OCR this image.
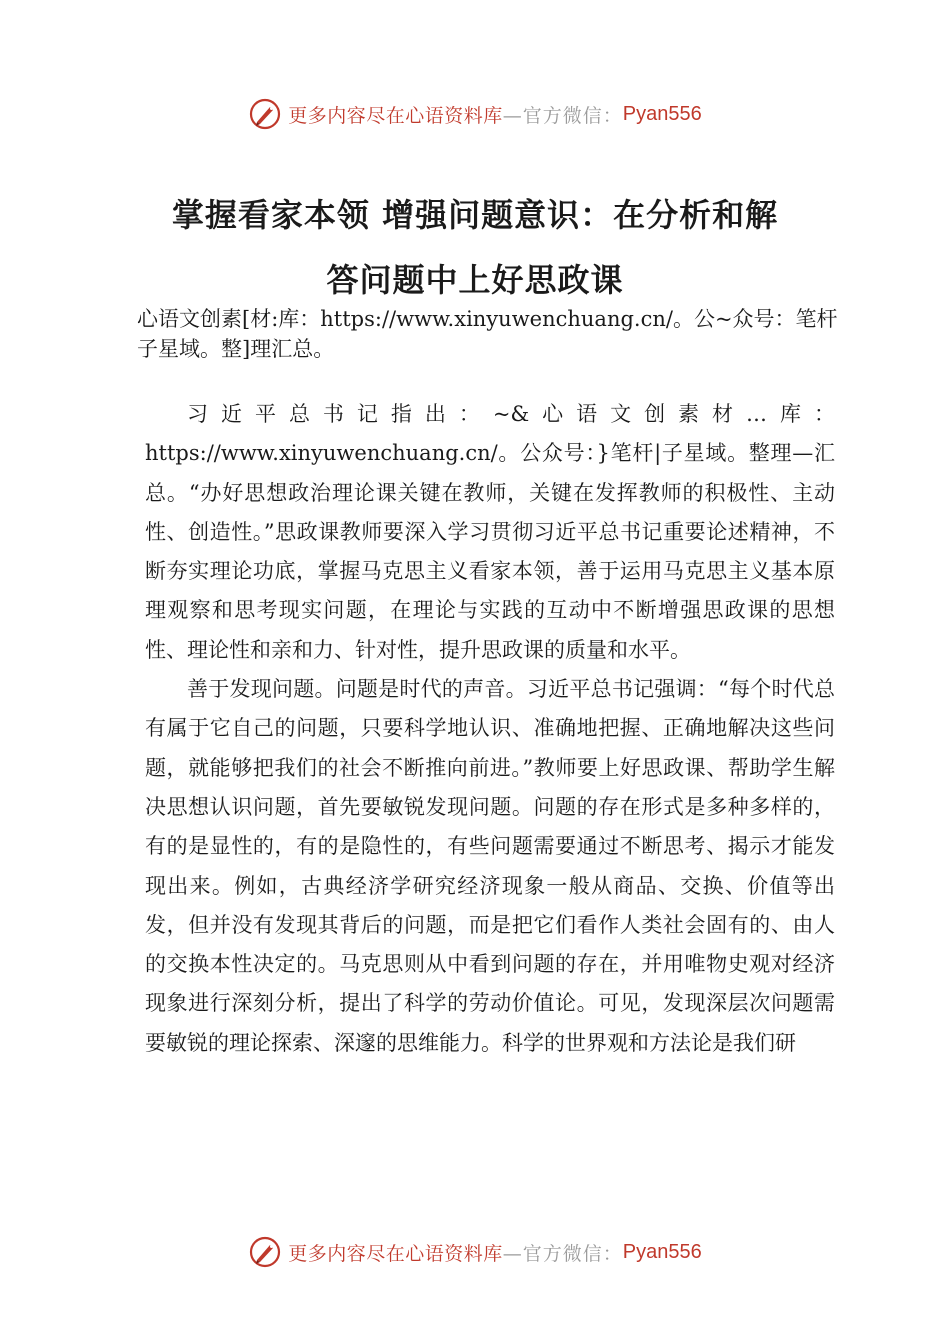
更多内容尽在心语资料库 —官方微信： Pyan556
掌握看家本领 增强问题意识：在分析和解
答问题中上好思政课
心语文创素[材:库：https://www.xinyuwenchuang.cn/。公~众号：笔杆子星域。整]理汇总。

习近平总书记指出：~&心语文创素材…库：https://www.xinyuwenchuang.cn/。公众号：}笔杆|子星域。整理—汇总。“办好思想政治理论课关键在教师，关键在发挥教师的积极性、主动性、创造性。”思政课教师要深入学习贯彻习近平总书记重要论述精神，不断夯实理论功底，掌握马克思主义看家本领，善于运用马克思主义基本原理观察和思考现实问题，在理论与实践的互动中不断增强思政课的思想性、理论性和亲和力、针对性，提升思政课的质量和水平。

善于发现问题。问题是时代的声音。习近平总书记强调：“每个时代总有属于它自己的问题，只要科学地认识、准确地把握、正确地解决这些问题，就能够把我们的社会不断推向前进。”教师要上好思政课、帮助学生解决思想认识问题，首先要敏锐发现问题。问题的存在形式是多种多样的，有的是显性的，有的是隐性的，有些问题需要通过不断思考、揭示才能发现出来。例如，古典经济学研究经济现象一般从商品、交换、价值等出发，但并没有发现其背后的问题，而是把它们看作人类社会固有的、由人的交换本性决定的。马克思则从中看到问题的存在，并用唯物史观对经济现象进行深刻分析，提出了科学的劳动价值论。可见，发现深层次问题需要敏锐的理论探索、深邃的思维能力。科学的世界观和方法论是我们研

更多内容尽在心语资料库 —官方微信： Pyan556
